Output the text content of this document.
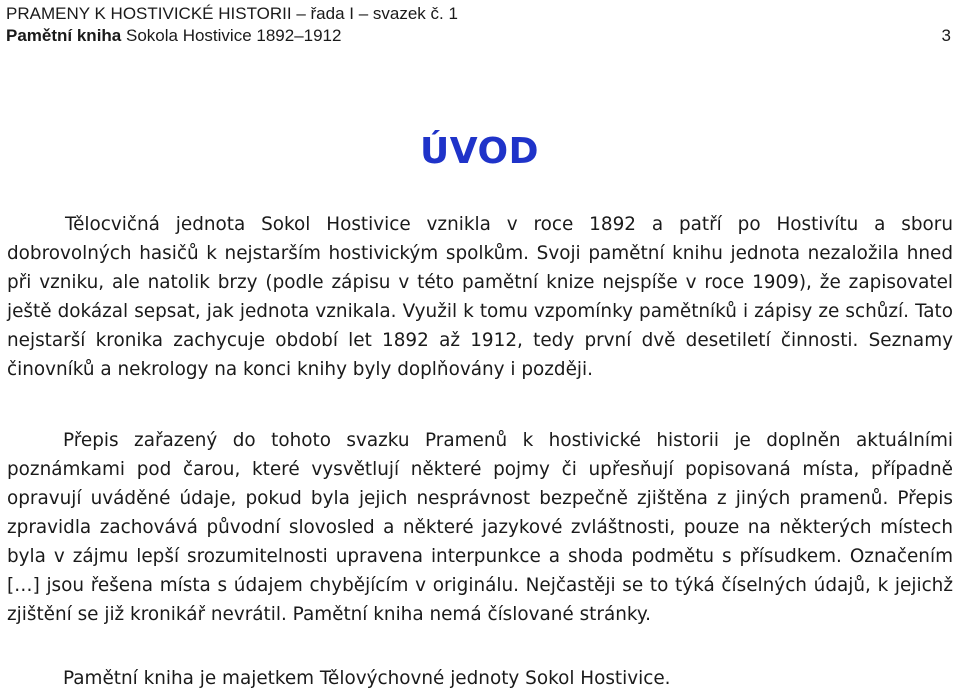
PRAMENY K HOSTIVICKÉ HISTORII – řada I – svazek č. 1
Pamětní kniha Sokola Hostivice 1892–1912	3
ÚVOD

Tělocvičná jednota Sokol Hostivice vznikla v roce 1892 a patří po Hostivítu a sboru dobrovolných hasičů k nejstarším hostivickým spolkům. Svoji pamětní knihu jednota nezaložila hned při vzniku, ale natolik brzy (podle zápisu v této pamětní knize nejspíše v roce 1909), že zapisovatel ještě dokázal sepsat, jak jednota vznikala. Využil k tomu vzpomínky pamětníků i zápisy ze schůzí. Tato nejstarší kronika zachycuje období let 1892 až 1912, tedy první dvě desetiletí činnosti. Seznamy činovníků a nekrology na konci knihy byly doplňovány i později.

Přepis zařazený do tohoto svazku Pramenů k hostivické historii je doplněn aktuálními poznámkami pod čarou, které vysvětlují některé pojmy či upřesňují popisovaná místa, případně opravují uváděné údaje, pokud byla jejich nesprávnost bezpečně zjištěna z jiných pramenů. Přepis zpravidla zachovává původní slovosled a některé jazykové zvláštnosti, pouze na některých místech byla v zájmu lepší srozumitelnosti upravena interpunkce a shoda podmětu s přísudkem. Označením […] jsou řešena místa s údajem chybějícím v originálu. Nejčastěji se to týká číselných údajů, k jejichž zjištění se již kronikář nevrátil. Pamětní kniha nemá číslované stránky.

Pamětní kniha je majetkem Tělovýchovné jednoty Sokol Hostivice.
